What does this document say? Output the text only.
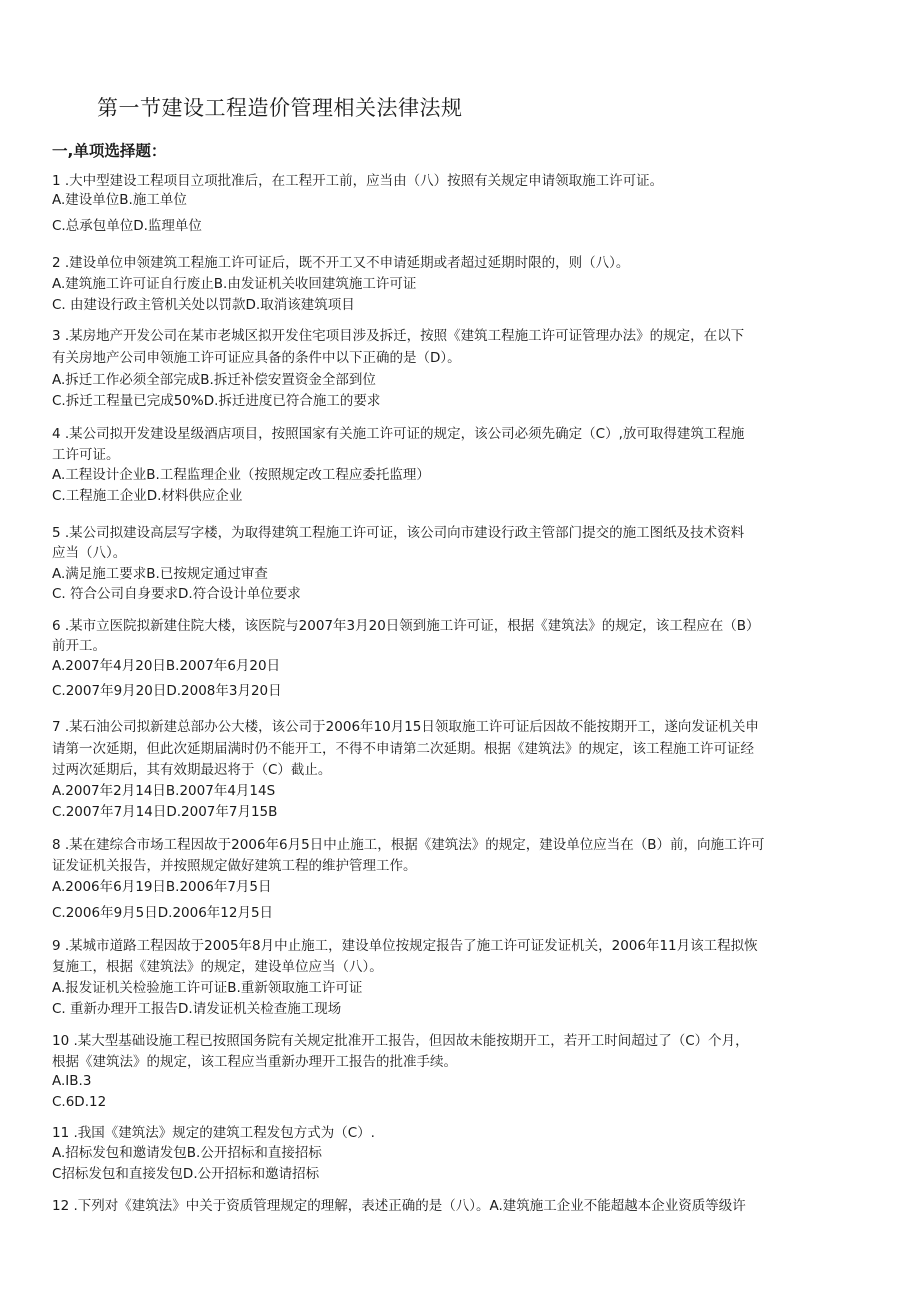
第一节建设工程造价管理相关法律法规
一,单项选择题：

1 .大中型建设工程项目立项批准后，在工程开工前，应当由（八）按照有关规定申请领取施工许可证。

A.建设单位B.施工单位

C.总承包单位D.监理单位

2 .建设单位申领建筑工程施工许可证后，既不开工又不申请延期或者超过延期时限的，则（八）。

A.建筑施工许可证自行废止B.由发证机关收回建筑施工许可证

C. 由建设行政主管机关处以罚款D.取消该建筑项目

3 .某房地产开发公司在某市老城区拟开发住宅项目涉及拆迁，按照《建筑工程施工许可证管理办法》的规定，在以下

有关房地产公司申领施工许可证应具备的条件中以下正确的是（D）。

A.拆迁工作必须全部完成B.拆迁补偿安置资金全部到位

C.拆迁工程量已完成50%D.拆迁进度已符合施工的要求

4 .某公司拟开发建设星级酒店项目，按照国家有关施工许可证的规定，该公司必须先确定（C）,放可取得建筑工程施

工许可证。

A.工程设计企业B.工程监理企业（按照规定改工程应委托监理）

C.工程施工企业D.材料供应企业

5 .某公司拟建设高层写字楼，为取得建筑工程施工许可证，该公司向市建设行政主管部门提交的施工图纸及技术资料

应当（八）。

A.满足施工要求B.已按规定通过审查

C. 符合公司自身要求D.符合设计单位要求

6 .某市立医院拟新建住院大楼，该医院与2007年3月20日领到施工许可证，根据《建筑法》的规定，该工程应在（B）

前开工。

A.2007年4月20日B.2007年6月20日

C.2007年9月20日D.2008年3月20日

7 .某石油公司拟新建总部办公大楼，该公司于2006年10月15日领取施工许可证后因故不能按期开工，遂向发证机关申

请第一次延期，但此次延期届满时仍不能开工，不得不申请第二次延期。根据《建筑法》的规定，该工程施工许可证经

过两次延期后，其有效期最迟将于（C）截止。

A.2007年2月14日B.2007年4月14S

C.2007年7月14日D.2007年7月15B

8 .某在建综合市场工程因故于2006年6月5日中止施工，根据《建筑法》的规定，建设单位应当在（B）前，向施工许可

证发证机关报告，并按照规定做好建筑工程的维护管理工作。

A.2006年6月19日B.2006年7月5日

C.2006年9月5日D.2006年12月5日

9 .某城市道路工程因故于2005年8月中止施工，建设单位按规定报告了施工许可证发证机关，2006年11月该工程拟恢

复施工，根据《建筑法》的规定，建设单位应当（八）。

A.报发证机关检验施工许可证B.重新领取施工许可证

C. 重新办理开工报告D.请发证机关检查施工现场

10 .某大型基础设施工程已按照国务院有关规定批准开工报告，但因故未能按期开工，若开工时间超过了（C）个月，

根据《建筑法》的规定，该工程应当重新办理开工报告的批准手续。

A.IB.3

C.6D.12

11 .我国《建筑法》规定的建筑工程发包方式为（C）.

A.招标发包和邀请发包B.公开招标和直接招标

C招标发包和直接发包D.公开招标和邀请招标

12 .下列对《建筑法》中关于资质管理规定的理解，表述正确的是（八）。A.建筑施工企业不能超越本企业资质等级许
